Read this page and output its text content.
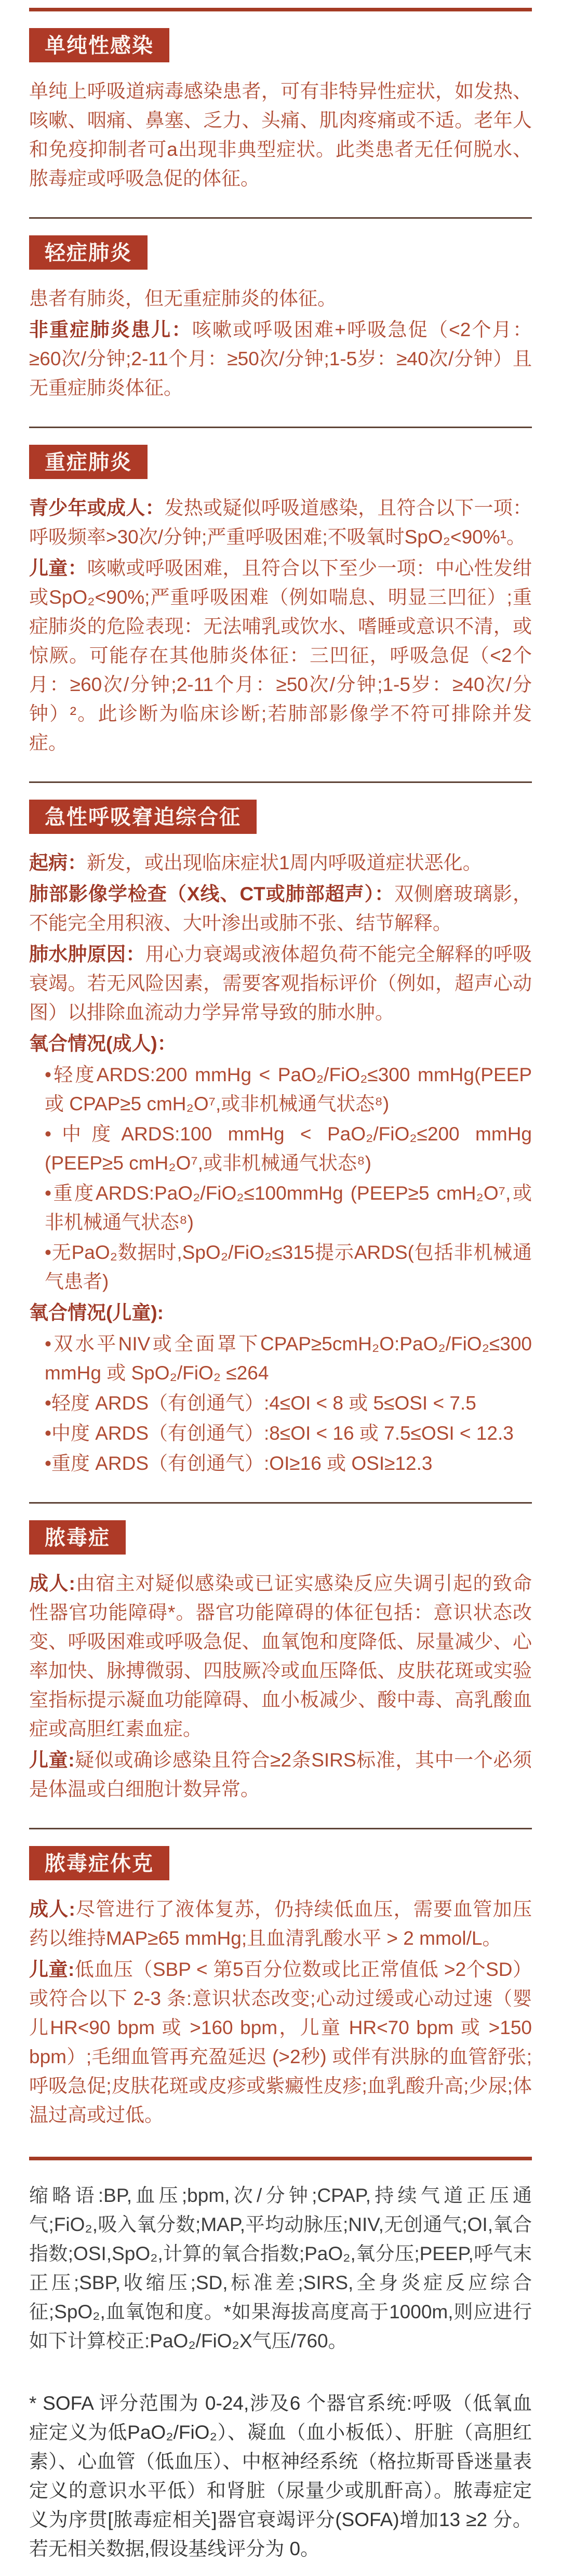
单纯性感染

单纯上呼吸道病毒感染患者，可有非特异性症状，如发热、咳嗽、咽痛、鼻塞、乏力、头痛、肌肉疼痛或不适。老年人和免疫抑制者可a出现非典型症状。此类患者无任何脱水、脓毒症或呼吸急促的体征。

轻症肺炎

患者有肺炎，但无重症肺炎的体征。

非重症肺炎患儿：咳嗽或呼吸困难+呼吸急促（<2个月：≥60次/分钟;2-11个月：≥50次/分钟;1-5岁：≥40次/分钟）且无重症肺炎体征。

重症肺炎

青少年或成人：发热或疑似呼吸道感染，且符合以下一项：呼吸频率>30次/分钟;严重呼吸困难;不吸氧时SpO₂<90%¹。

儿童：咳嗽或呼吸困难，且符合以下至少一项：中心性发绀或SpO₂<90%;严重呼吸困难（例如喘息、明显三凹征）;重症肺炎的危险表现：无法哺乳或饮水、嗜睡或意识不清，或惊厥。可能存在其他肺炎体征：三凹征，呼吸急促（<2个月：≥60次/分钟;2-11个月：≥50次/分钟;1-5岁：≥40次/分钟）²。此诊断为临床诊断;若肺部影像学不符可排除并发症。

急性呼吸窘迫综合征

起病：新发，或出现临床症状1周内呼吸道症状恶化。

肺部影像学检查（X线、CT或肺部超声）：双侧磨玻璃影，不能完全用积液、大叶渗出或肺不张、结节解释。

肺水肿原因：用心力衰竭或液体超负荷不能完全解释的呼吸衰竭。若无风险因素，需要客观指标评价（例如，超声心动图）以排除血流动力学异常导致的肺水肿。

氧合情况(成人)：

•轻度ARDS:200 mmHg < PaO₂/FiO₂≤300 mmHg(PEEP 或 CPAP≥5 cmH₂O⁷,或非机械通气状态⁸)

•中度ARDS:100 mmHg < PaO₂/FiO₂≤200 mmHg (PEEP≥5 cmH₂O⁷,或非机械通气状态⁸)

•重度ARDS:PaO₂/FiO₂≤100mmHg (PEEP≥5 cmH₂O⁷,或非机械通气状态⁸)

•无PaO₂数据时,SpO₂/FiO₂≤315提示ARDS(包括非机械通气患者)

氧合情况(儿童):

•双水平NIV或全面罩下CPAP≥5cmH₂O:PaO₂/FiO₂≤300 mmHg 或 SpO₂/FiO₂ ≤264

•轻度 ARDS（有创通气）:4≤OI < 8 或 5≤OSI < 7.5

•中度 ARDS（有创通气）:8≤OI < 16 或 7.5≤OSI < 12.3

•重度 ARDS（有创通气）:OI≥16 或 OSI≥12.3

脓毒症

成人:由宿主对疑似感染或已证实感染反应失调引起的致命性器官功能障碍*。器官功能障碍的体征包括：意识状态改变、呼吸困难或呼吸急促、血氧饱和度降低、尿量减少、心率加快、脉搏微弱、四肢厥冷或血压降低、皮肤花斑或实验室指标提示凝血功能障碍、血小板减少、酸中毒、高乳酸血症或高胆红素血症。

儿童:疑似或确诊感染且符合≥2条SIRS标准，其中一个必须是体温或白细胞计数异常。

脓毒症休克

成人:尽管进行了液体复苏，仍持续低血压，需要血管加压药以维持MAP≥65 mmHg;且血清乳酸水平 > 2 mmol/L。

儿童:低血压（SBP < 第5百分位数或比正常值低 >2个SD）或符合以下 2-3 条:意识状态改变;心动过缓或心动过速（婴儿HR<90 bpm 或 >160 bpm，儿童 HR<70 bpm 或 >150 bpm）;毛细血管再充盈延迟 (>2秒) 或伴有洪脉的血管舒张;呼吸急促;皮肤花斑或皮疹或紫癜性皮疹;血乳酸升高;少尿;体温过高或过低。

缩略语:BP,血压;bpm,次/分钟;CPAP,持续气道正压通气;FiO₂,吸入氧分数;MAP,平均动脉压;NIV,无创通气;OI,氧合指数;OSI,SpO₂,计算的氧合指数;PaO₂,氧分压;PEEP,呼气末正压;SBP,收缩压;SD,标准差;SIRS,全身炎症反应综合征;SpO₂,血氧饱和度。*如果海拔高度高于1000m,则应进行如下计算校正:PaO₂/FiO₂X气压/760。

* SOFA 评分范围为 0-24,涉及6 个器官系统:呼吸（低氧血症定义为低PaO₂/FiO₂）、凝血（血小板低）、肝脏（高胆红素）、心血管（低血压）、中枢神经系统（格拉斯哥昏迷量表定义的意识水平低）和肾脏（尿量少或肌酐高）。脓毒症定义为序贯[脓毒症相关]器官衰竭评分(SOFA)增加13 ≥2 分。若无相关数据,假设基线评分为 0。
